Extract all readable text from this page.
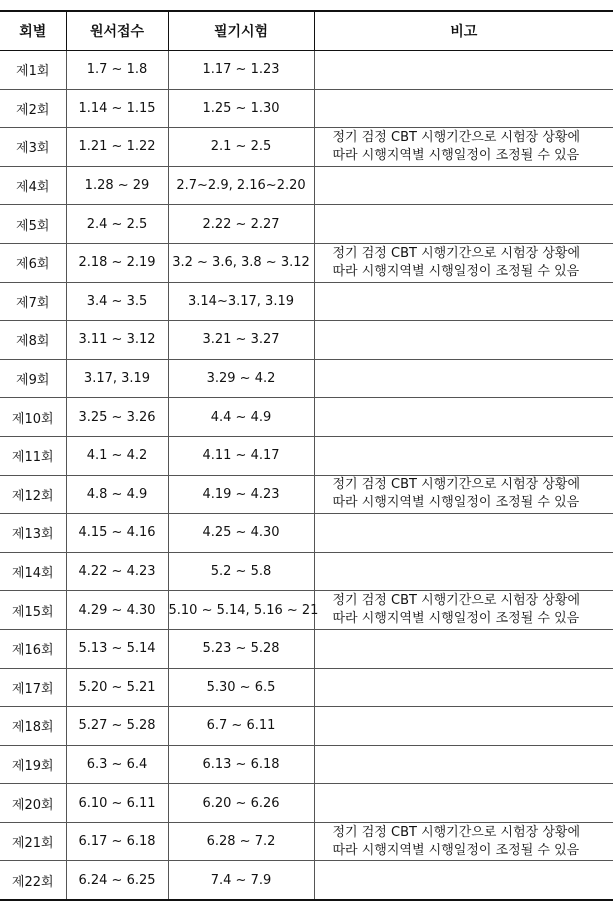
회별	원서접수	필기시험	비고
제1회	1.7 ~ 1.8	1.17 ~ 1.23	

제2회	1.14 ~ 1.15	1.25 ~ 1.30	

제3회	1.21 ~ 1.22	2.1 ~ 2.5	정기 검정 CBT 시행기간으로 시험장 상황에
따라 시행지역별 시행일정이 조정될 수 있음

제4회	1.28 ~ 29	2.7~2.9, 2.16~2.20	

제5회	2.4 ~ 2.5	2.22 ~ 2.27	

제6회	2.18 ~ 2.19	3.2 ~ 3.6, 3.8 ~ 3.12	정기 검정 CBT 시행기간으로 시험장 상황에
따라 시행지역별 시행일정이 조정될 수 있음

제7회	3.4 ~ 3.5	3.14~3.17, 3.19	

제8회	3.11 ~ 3.12	3.21 ~ 3.27	

제9회	3.17, 3.19	3.29 ~ 4.2	

제10회	3.25 ~ 3.26	4.4 ~ 4.9	

제11회	4.1 ~ 4.2	4.11 ~ 4.17	

제12회	4.8 ~ 4.9	4.19 ~ 4.23	정기 검정 CBT 시행기간으로 시험장 상황에
따라 시행지역별 시행일정이 조정될 수 있음

제13회	4.15 ~ 4.16	4.25 ~ 4.30	

제14회	4.22 ~ 4.23	5.2 ~ 5.8	

제15회	4.29 ~ 4.30	5.10 ~ 5.14, 5.16 ~ 21	정기 검정 CBT 시행기간으로 시험장 상황에
따라 시행지역별 시행일정이 조정될 수 있음

제16회	5.13 ~ 5.14	5.23 ~ 5.28	

제17회	5.20 ~ 5.21	5.30 ~ 6.5	

제18회	5.27 ~ 5.28	6.7 ~ 6.11	

제19회	6.3 ~ 6.4	6.13 ~ 6.18	

제20회	6.10 ~ 6.11	6.20 ~ 6.26	

제21회	6.17 ~ 6.18	6.28 ~ 7.2	정기 검정 CBT 시행기간으로 시험장 상황에
따라 시행지역별 시행일정이 조정될 수 있음

제22회	6.24 ~ 6.25	7.4 ~ 7.9	
